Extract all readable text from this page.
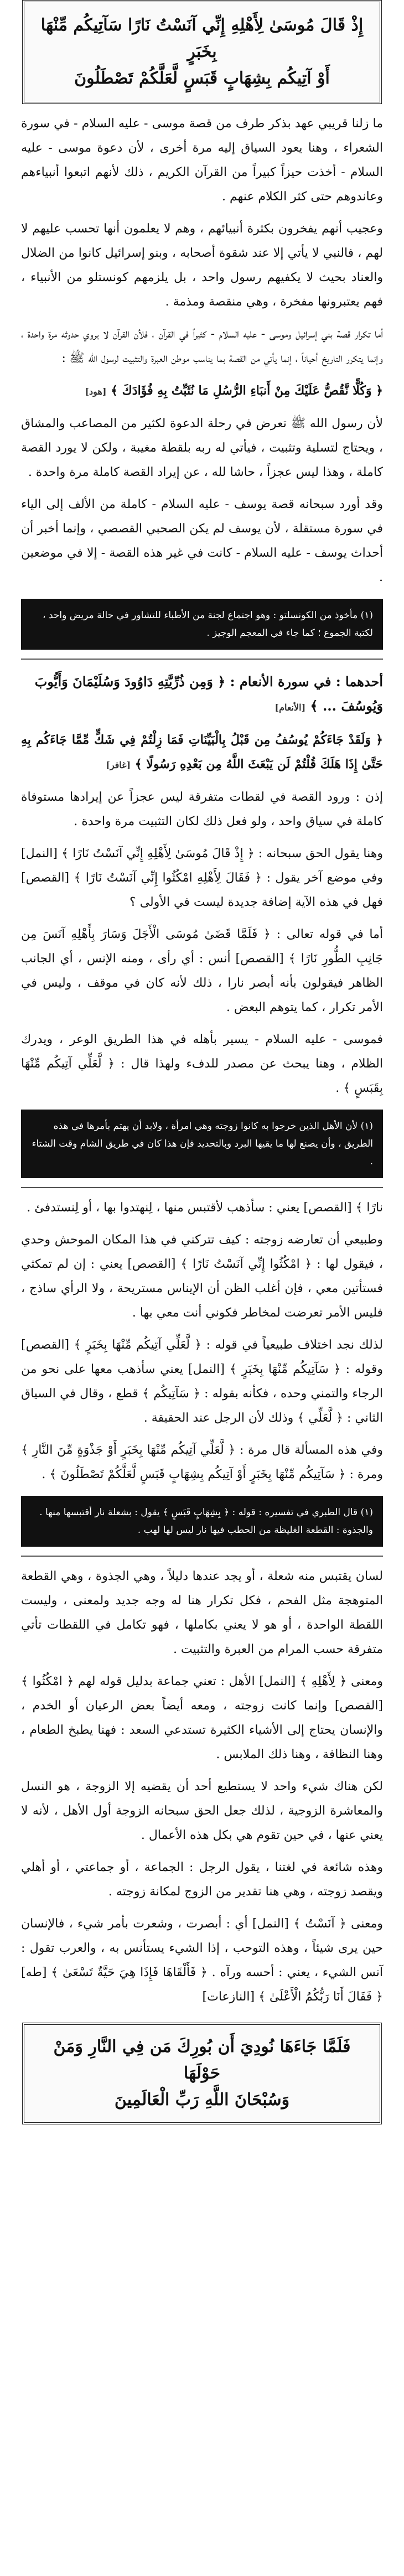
إِذْ قَالَ مُوسَىٰ لِأَهْلِهِ إِنِّي آنَسْتُ نَارًا سَآتِيكُم مِّنْهَا بِخَبَرٍ
أَوْ آتِيكُم بِشِهَابٍ قَبَسٍ لَّعَلَّكُمْ تَصْطَلُونَ
ما زلنا قريبي عهد بذكر طرف من قصة موسى - عليه السلام - في سورة الشعراء ، وهنا يعود السياق إليه مرة أخرى ، لأن دعوة موسى - عليه السلام - أخذت حيزاً كبيراً من القرآن الكريم ، ذلك لأنهم اتبعوا أنبياءهم وعاندوهم حتى كثر الكلام عنهم .
وعجيب أنهم يفخرون بكثرة أنبيائهم ، وهم لا يعلمون أنها تحسب عليهم لا لهم ، فالنبي لا يأتي إلا عند شقوة أصحابه ، وبنو إسرائيل كانوا من الضلال والعناد بحيث لا يكفيهم رسول واحد ، بل يلزمهم كونستلو من الأنبياء ، فهم يعتبرونها مفخرة ، وهي منقصة ومذمة .
أما تكرار قصة بني إسرائيل وموسى - عليه السلام - كثيراً في القرآن ، فلأن القرآن لا يروي حدوثه مرة واحدة ، وإنما يتكرر التاريخ أحياناً ، إنما يأتي من القصة بما يناسب موطن العبرة والتثبيت لرسول الله ﷺ :
﴿ وَكُلًّا نَّقُصُّ عَلَيْكَ مِنْ أَنبَاءِ الرُّسُلِ مَا نُثَبِّتُ بِهِ فُؤَادَكَ ﴾ [هود]
لأن رسول الله ﷺ تعرض في رحلة الدعوة لكثير من المصاعب والمشاق ، ويحتاج لتسلية وتثبيت ، فيأتي له ربه بلقطة مغيبة ، ولكن لا يورد القصة كاملة ، وهذا ليس عجزاً ، حاشا لله ، عن إيراد القصة كاملة مرة واحدة .
وقد أورد سبحانه قصة يوسف - عليه السلام - كاملة من الألف إلى الياء في سورة مستقلة ، لأن يوسف لم يكن الصحبي القصصي ، وإنما أخبر أن أحداث يوسف - عليه السلام - كانت في غير هذه القصة - إلا في موضعين .
(١) مأخوذ من الكونسلتو : وهو اجتماع لجنة من الأطباء للتشاور في حالة مريض واحد ، لكتبة الجموع ؛ كما جاء في المعجم الوجيز .
أحدهما : في سورة الأنعام : ﴿ وَمِن ذُرِّيَّتِهِ دَاوُودَ وَسُلَيْمَانَ وَأَيُّوبَ وَيُوسُفَ ... ﴾ [الأنعام]
﴿ وَلَقَدْ جَاءَكُمْ يُوسُفُ مِن قَبْلُ بِالْبَيِّنَاتِ فَمَا زِلْتُمْ فِي شَكٍّ مِّمَّا جَاءَكُم بِهِ حَتَّىٰ إِذَا هَلَكَ قُلْتُمْ لَن يَبْعَثَ اللَّهُ مِن بَعْدِهِ رَسُولًا ﴾ [غافر]
إذن : ورود القصة في لقطات متفرقة ليس عجزاً عن إيرادها مستوفاة كاملة في سياق واحد ، ولو فعل ذلك لكان التثبيت مرة واحدة .
وهنا يقول الحق سبحانه : ﴿ إِذْ قَالَ مُوسَىٰ لِأَهْلِهِ إِنِّي آنَسْتُ نَارًا ﴾ [النمل] وفي موضع آخر يقول : ﴿ فَقَالَ لِأَهْلِهِ امْكُثُوا إِنِّي آنَسْتُ نَارًا ﴾ [القصص] فهل في هذه الآية إضافة جديدة ليست في الأولى ؟
أما في قوله تعالى : ﴿ فَلَمَّا قَضَىٰ مُوسَى الْأَجَلَ وَسَارَ بِأَهْلِهِ آنَسَ مِن جَانِبِ الطُّورِ نَارًا ﴾ [القصص] أنس : أي رأى ، ومنه الإنس ، أي الجانب الظاهر فيقولون بأنه أبصر نارا ، ذلك لأنه كان في موقف ، وليس في الأمر تكرار ، كما يتوهم البعض .
فموسى - عليه السلام - يسير بأهله في هذا الطريق الوعر ، ويدرك الظلام ، وهنا يبحث عن مصدر للدفء ولهذا قال : ﴿ لَّعَلِّي آتِيكُم مِّنْهَا بِقَبَسٍ ﴾ .
(١) لأن الأهل الذين خرجوا به كانوا زوجته وهي امرأة ، ولابد أن يهتم بأمرها في هذه الطريق ، وأن يصنع لها ما يقيها البرد وبالتحديد فإن هذا كان في طريق الشام وقت الشتاء .
نارًا ﴾ [القصص] يعني : سأذهب لأقتبس منها ، لِنهتدوا بها ، أو لِنستدفئ .
وطبيعي أن تعارضه زوجته : كيف تتركني في هذا المكان الموحش وحدي ، فيقول لها : ﴿ امْكُثُوا إِنِّي آنَسْتُ نَارًا ﴾ [القصص] يعني : إن لم تمكثي فستأتين معي ، فإن أغلب الظن أن الإيناس مستريحة ، ولا الرأي ساذج ، فليس الأمر تعرضت لمخاطر فكوني أنت معي بها .
لذلك نجد اختلاف طبيعياً في قوله : ﴿ لَّعَلِّي آتِيكُم مِّنْهَا بِخَبَرٍ ﴾ [القصص] وقوله : ﴿ سَآتِيكُم مِّنْهَا بِخَبَرٍ ﴾ [النمل] يعني سأذهب معها على نحو من الرجاء والتمني وحده ، فكأنه بقوله : ﴿ سَآتِيكُم ﴾ قطع ، وقال في السياق الثاني : ﴿ لَّعَلِّي ﴾ وذلك لأن الرجل عند الحقيقة .
وفي هذه المسألة قال مرة : ﴿ لَّعَلِّي آتِيكُم مِّنْهَا بِخَبَرٍ أَوْ جَذْوَةٍ مِّنَ النَّارِ ﴾ ومرة : ﴿ سَآتِيكُم مِّنْهَا بِخَبَرٍ أَوْ آتِيكُم بِشِهَابٍ قَبَسٍ لَّعَلَّكُمْ تَصْطَلُونَ ﴾ .
(١) قال الطبري في تفسيره : قوله : ﴿ بِشِهَابٍ قَبَسٍ ﴾ يقول : بشعلة نار أقتبسها منها . والجذوة : القطعة الغليظة من الحطب فيها نار ليس لها لهب .
لسان يقتبس منه شعلة ، أو يجد عندها دليلاً ، وهي الجذوة ، وهي القطعة المتوهجة مثل الفحم ، فكل تكرار هنا له وجه جديد ولمعنى ، وليست اللقطة الواحدة ، أو هو لا يعني بكاملها ، فهو تكامل في اللقطات تأتي متفرقة حسب المرام من العبرة والتثبيت .
ومعنى ﴿ لِأَهْلِهِ ﴾ [النمل] الأهل : تعني جماعة بدليل قوله لهم ﴿ امْكُثُوا ﴾ [القصص] وإنما كانت زوجته ، ومعه أيضاً بعض الرعيان أو الخدم ، والإنسان يحتاج إلى الأشياء الكثيرة تستدعي السعد : فهنا يطبخ الطعام ، وهنا النظافة ، وهنا ذلك الملابس .
لكن هناك شيء واحد لا يستطيع أحد أن يقضيه إلا الزوجة ، هو النسل والمعاشرة الزوجية ، لذلك جعل الحق سبحانه الزوجة أول الأهل ، لأنه لا يعني عنها ، في حين تقوم هي بكل هذه الأعمال .
وهذه شائعة في لغتنا ، يقول الرجل : الجماعة ، أو جماعتي ، أو أهلي ويقصد زوجته ، وهي هنا تقدير من الزوج لمكانة زوجته .
ومعنى ﴿ آنَسْتُ ﴾ [النمل] أي : أبصرت ، وشعرت بأمر شيء ، فالإنسان حين يرى شيئاً ، وهذه التوحب ، إذا الشيء يستأنس به ، والعرب تقول : آنس الشيء ، يعني : أحسه ورآه . ﴿ فَأَلْقَاهَا فَإِذَا هِيَ حَيَّةٌ تَسْعَىٰ ﴾ [طه] ﴿ فَقَالَ أَنَا رَبُّكُمُ الْأَعْلَىٰ ﴾ [النازعات]
فَلَمَّا جَاءَهَا نُودِيَ أَن بُورِكَ مَن فِي النَّارِ وَمَنْ حَوْلَهَا
وَسُبْحَانَ اللَّهِ رَبِّ الْعَالَمِينَ
